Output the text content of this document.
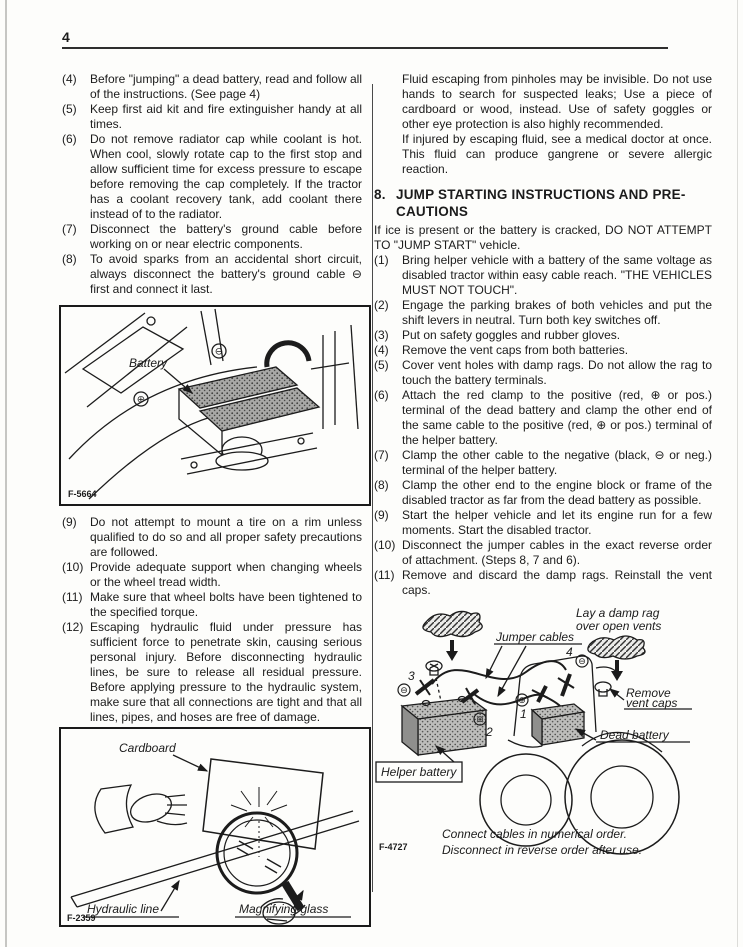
4
(4)	Before "jumping" a dead battery, read and follow all of the instructions. (See page 4)
(5)	Keep first aid kit and fire extinguisher handy at all times.
(6)	Do not remove radiator cap while coolant is hot. When cool, slowly rotate cap to the first stop and allow sufficient time for excess pressure to escape before removing the cap completely. If the tractor has a coolant recovery tank, add coolant there instead of to the radiator.
(7)	Disconnect the battery's ground cable before working on or near electric components.
(8)	To avoid sparks from an accidental short circuit, always disconnect the battery's ground cable ⊖ first and connect it last.
⊖
⊕
Battery
F-5664
(9)	Do not attempt to mount a tire on a rim unless qualified to do so and all proper safety precautions are followed.
(10) Provide adequate support when changing wheels or the wheel tread width.
(11) Make sure that wheel bolts have been tightened to the specified torque.
(12) Escaping hydraulic fluid under pressure has sufficient force to penetrate skin, causing serious personal injury. Before disconnecting hydraulic lines, be sure to release all residual pressure. Before applying pressure to the hydraulic system, make sure that all connections are tight and that all lines, pipes, and hoses are free of damage.
Cardboard
Hydraulic line	Magnifying glass
F-2359
Fluid escaping from pinholes may be invisible. Do not use hands to search for suspected leaks; Use a piece of cardboard or wood, instead. Use of safety goggles or other eye protection is also highly recommended.
If injured by escaping fluid, see a medical doctor at once. This fluid can produce gangrene or severe allergic reaction.
8. JUMP STARTING INSTRUCTIONS AND PRE-
CAUTIONS
If ice is present or the battery is cracked, DO NOT ATTEMPT TO "JUMP START" vehicle.
(1)	Bring helper vehicle with a battery of the same voltage as disabled tractor within easy cable reach. "THE VEHICLES MUST NOT TOUCH".
(2)	Engage the parking brakes of both vehicles and put the shift levers in neutral. Turn both key switches off.
(3)	Put on safety goggles and rubber gloves.
(4)	Remove the vent caps from both batteries.
(5)	Cover vent holes with damp rags. Do not allow the rag to touch the battery terminals.
(6)	Attach the red clamp to the positive (red, ⊕ or pos.) terminal of the dead battery and clamp the other end of the same cable to the positive (red, ⊕ or pos.) terminal of the helper battery.
(7)	Clamp the other cable to the negative (black, ⊖ or neg.) terminal of the helper battery.
(8)	Clamp the other end to the engine block or frame of the disabled tractor as far from the dead battery as possible.
(9)	Start the helper vehicle and let its engine run for a few moments. Start the disabled tractor.
(10) Disconnect the jumper cables in the exact reverse order of attachment. (Steps 8, 7 and 6).
(11) Remove and discard the damp rags. Reinstall the vent caps.
3
⊖
⊕
2
⊕
1
4
⊖
Lay a damp rag
over open vents
Jumper cables
Remove
vent caps
Dead battery
Helper battery
Connect cables in numerical order.
Disconnect in reverse order after use.
F-4727
